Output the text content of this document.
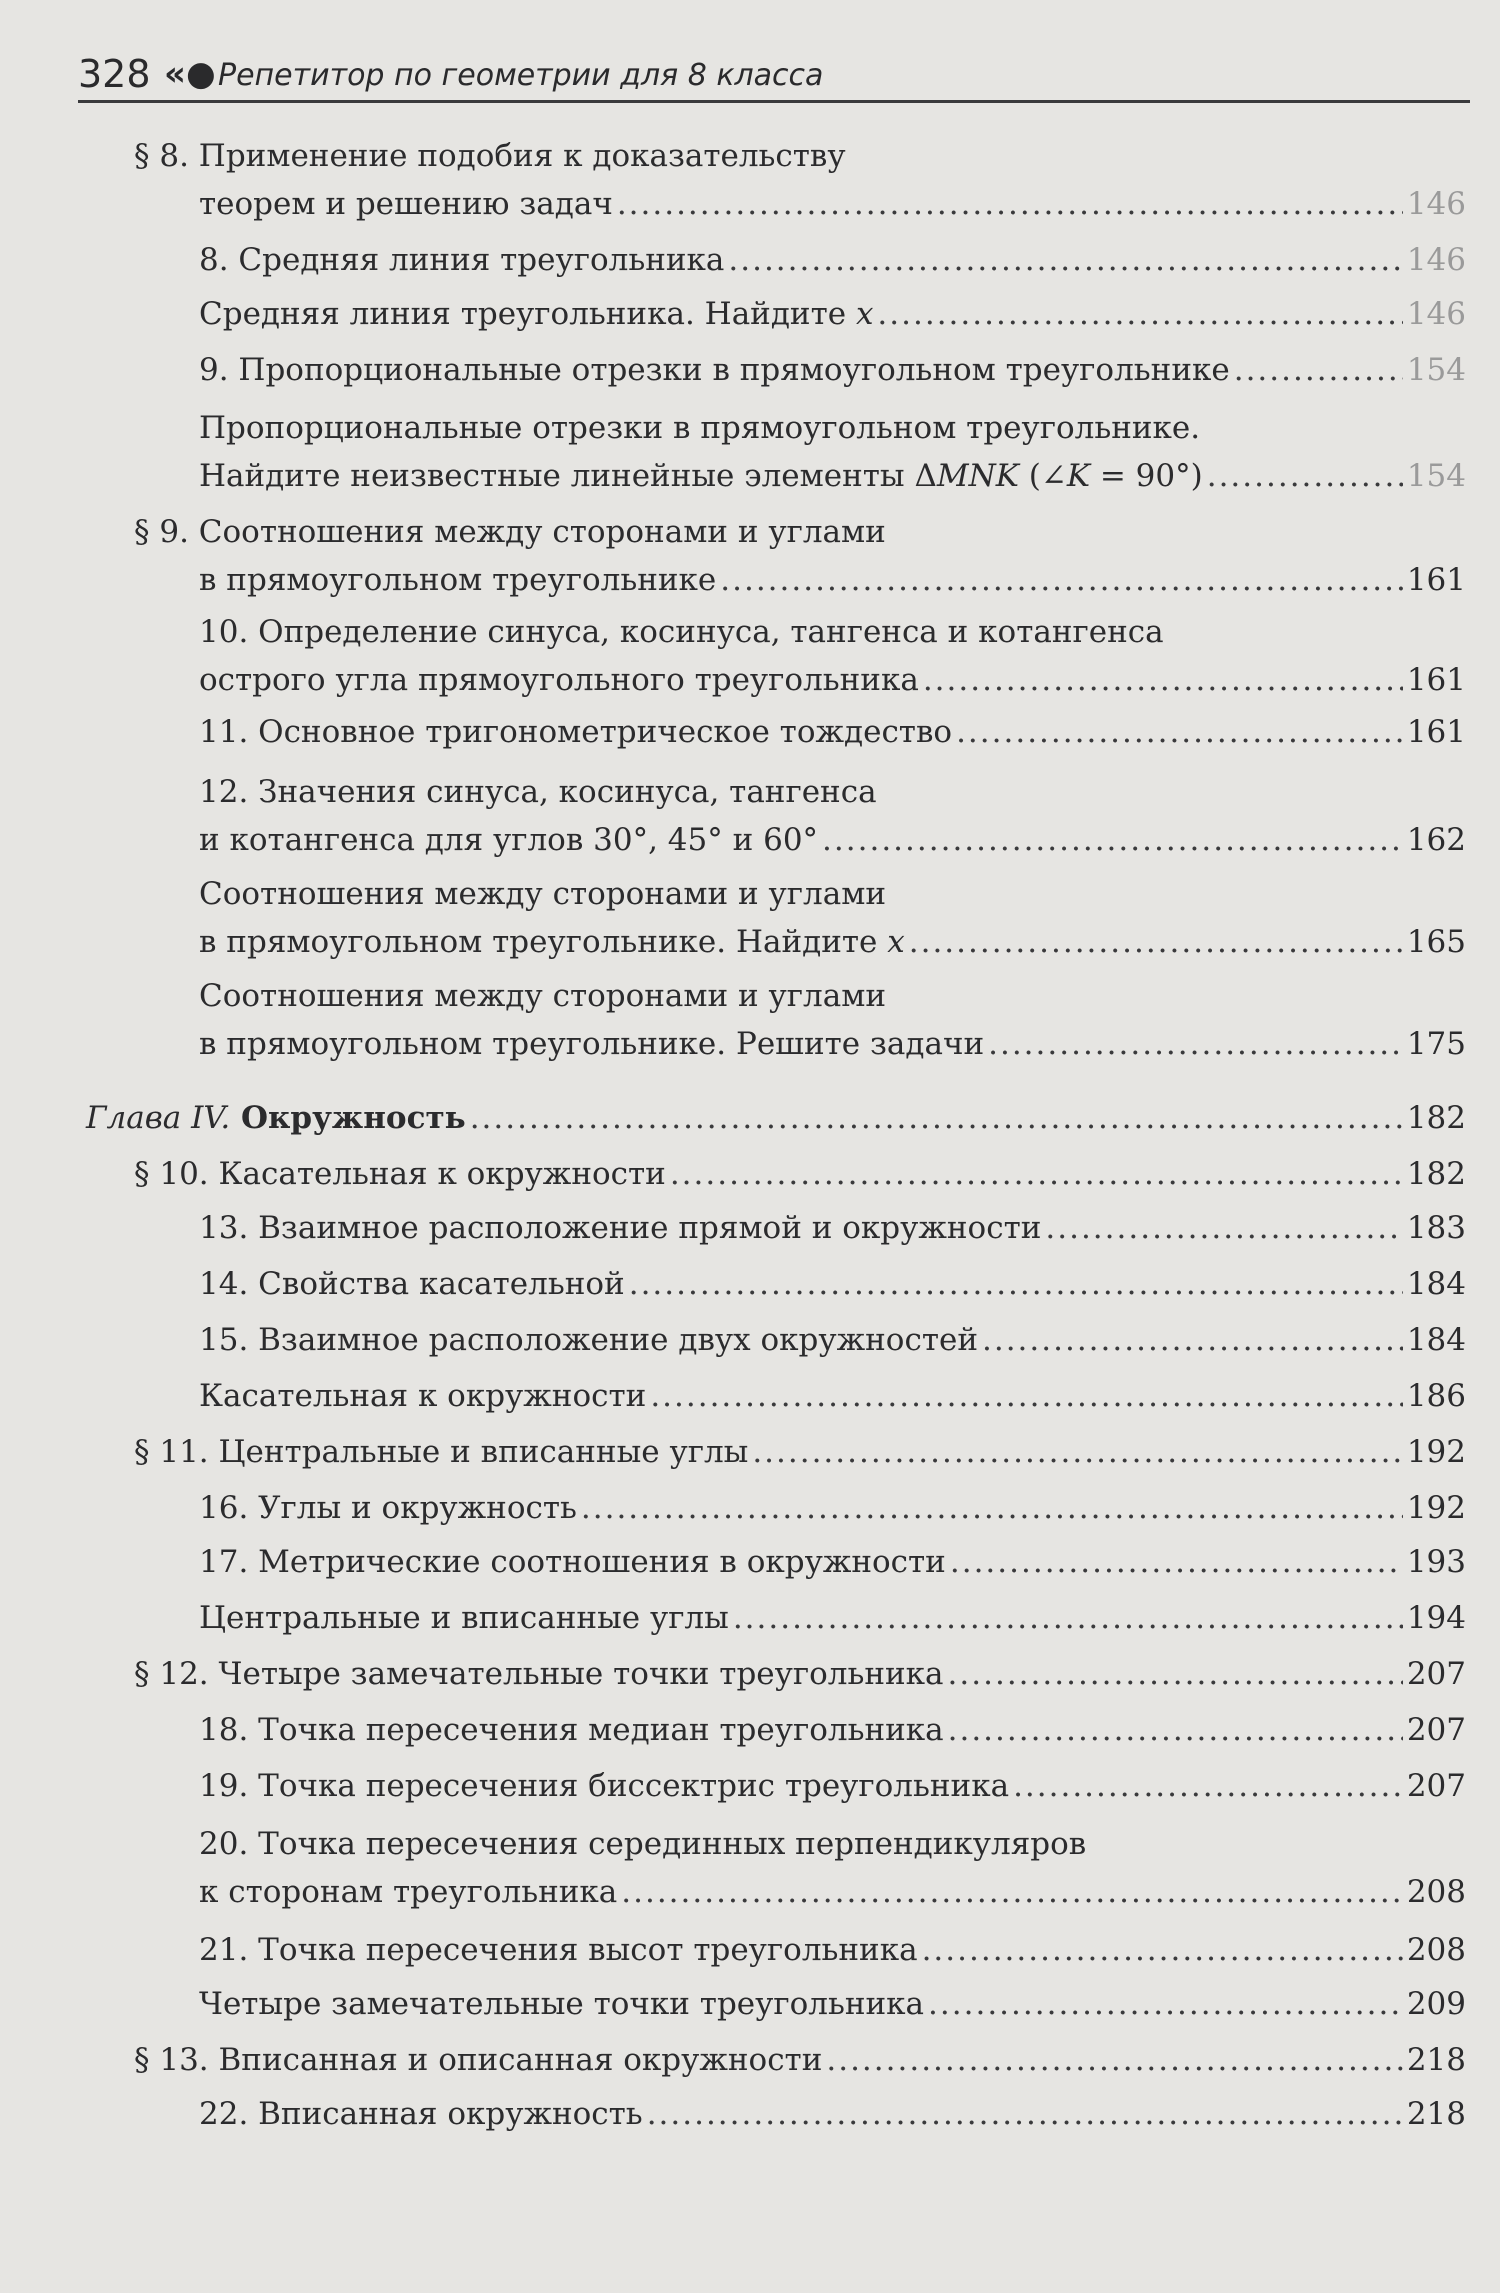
328 «● Репетитор по геометрии для 8 класса
§ 8. Применение подобия к доказательству
теорем и решению задач .....	146
8. Средняя линия треугольника .....	146
Средняя линия треугольника. Найдите x .....	146
9. Пропорциональные отрезки в прямоугольном треугольнике .....	154
Пропорциональные отрезки в прямоугольном треугольнике.
Найдите неизвестные линейные элементы ΔMNK (∠K = 90°) .....	154
§ 9. Соотношения между сторонами и углами
в прямоугольном треугольнике .....	161
10. Определение синуса, косинуса, тангенса и котангенса
острого угла прямоугольного треугольника .....	161
11. Основное тригонометрическое тождество .....	161
12. Значения синуса, косинуса, тангенса
и котангенса для углов 30°, 45° и 60° .....	162
Соотношения между сторонами и углами
в прямоугольном треугольнике. Найдите x .....	165
Соотношения между сторонами и углами
в прямоугольном треугольнике. Решите задачи .....	175
Глава IV. Окружность .....	182
§ 10. Касательная к окружности .....	182
13. Взаимное расположение прямой и окружности .....	183
14. Свойства касательной .....	184
15. Взаимное расположение двух окружностей .....	184
Касательная к окружности .....	186
§ 11. Центральные и вписанные углы .....	192
16. Углы и окружность .....	192
17. Метрические соотношения в окружности .....	193
Центральные и вписанные углы .....	194
§ 12. Четыре замечательные точки треугольника .....	207
18. Точка пересечения медиан треугольника .....	207
19. Точка пересечения биссектрис треугольника .....	207
20. Точка пересечения серединных перпендикуляров
к сторонам треугольника .....	208
21. Точка пересечения высот треугольника .....	208
Четыре замечательные точки треугольника .....	209
§ 13. Вписанная и описанная окружности .....	218
22. Вписанная окружность .....	218
